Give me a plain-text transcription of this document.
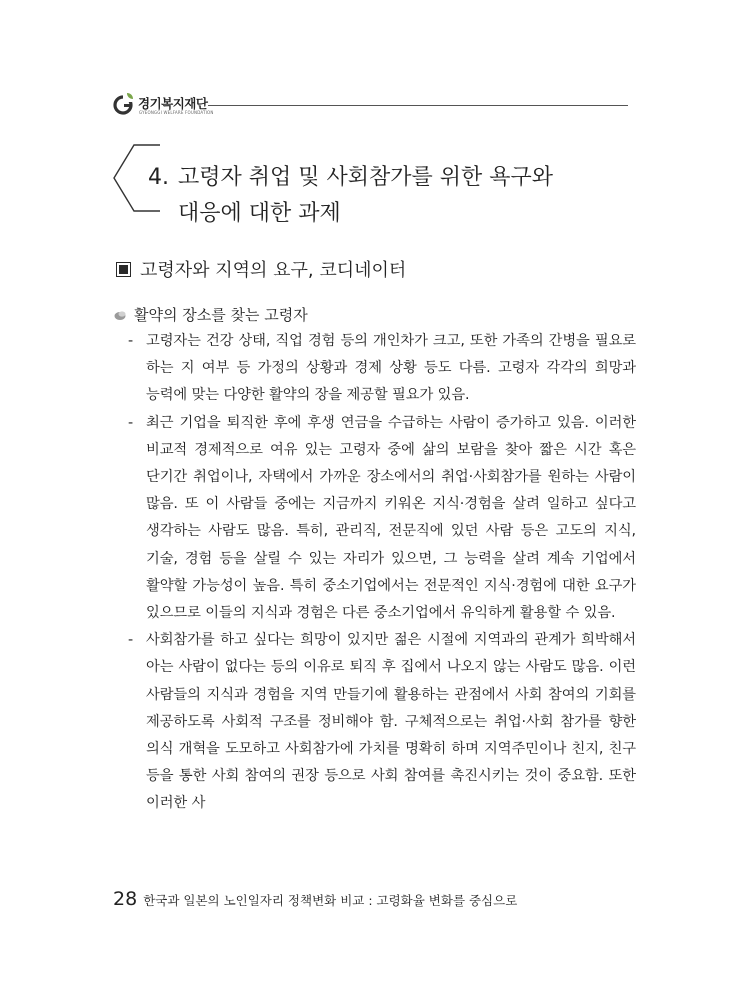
경기복지재단
GYEONGGI WELFARE FOUNDATION
4. 고령자 취업 및 사회참가를 위한 욕구와
대응에 대한 과제
고령자와 지역의 요구, 코디네이터
활약의 장소를 찾는 고령자
- 고령자는 건강 상태, 직업 경험 등의 개인차가 크고, 또한 가족의 간병을 필요로 하는 지 여부 등 가정의 상황과 경제 상황 등도 다름. 고령자 각각의 희망과 능력에 맞는 다양한 활약의 장을 제공할 필요가 있음.
- 최근 기업을 퇴직한 후에 후생 연금을 수급하는 사람이 증가하고 있음. 이러한 비교적 경제적으로 여유 있는 고령자 중에 삶의 보람을 찾아 짧은 시간 혹은 단기간 취업이나, 자택에서 가까운 장소에서의 취업·사회참가를 원하는 사람이 많음. 또 이 사람들 중에는 지금까지 키워온 지식·경험을 살려 일하고 싶다고 생각하는 사람도 많음. 특히, 관리직, 전문직에 있던 사람 등은 고도의 지식, 기술, 경험 등을 살릴 수 있는 자리가 있으면, 그 능력을 살려 계속 기업에서 활약할 가능성이 높음. 특히 중소기업에서는 전문적인 지식·경험에 대한 요구가 있으므로 이들의 지식과 경험은 다른 중소기업에서 유익하게 활용할 수 있음.
- 사회참가를 하고 싶다는 희망이 있지만 젊은 시절에 지역과의 관계가 희박해서 아는 사람이 없다는 등의 이유로 퇴직 후 집에서 나오지 않는 사람도 많음. 이런 사람들의 지식과 경험을 지역 만들기에 활용하는 관점에서 사회 참여의 기회를 제공하도록 사회적 구조를 정비해야 함. 구체적으로는 취업·사회 참가를 향한 의식 개혁을 도모하고 사회참가에 가치를 명확히 하며 지역주민이나 친지, 친구 등을 통한 사회 참여의 권장 등으로 사회 참여를 촉진시키는 것이 중요함. 또한 이러한 사
28 한국과 일본의 노인일자리 정책변화 비교 : 고령화율 변화를 중심으로
